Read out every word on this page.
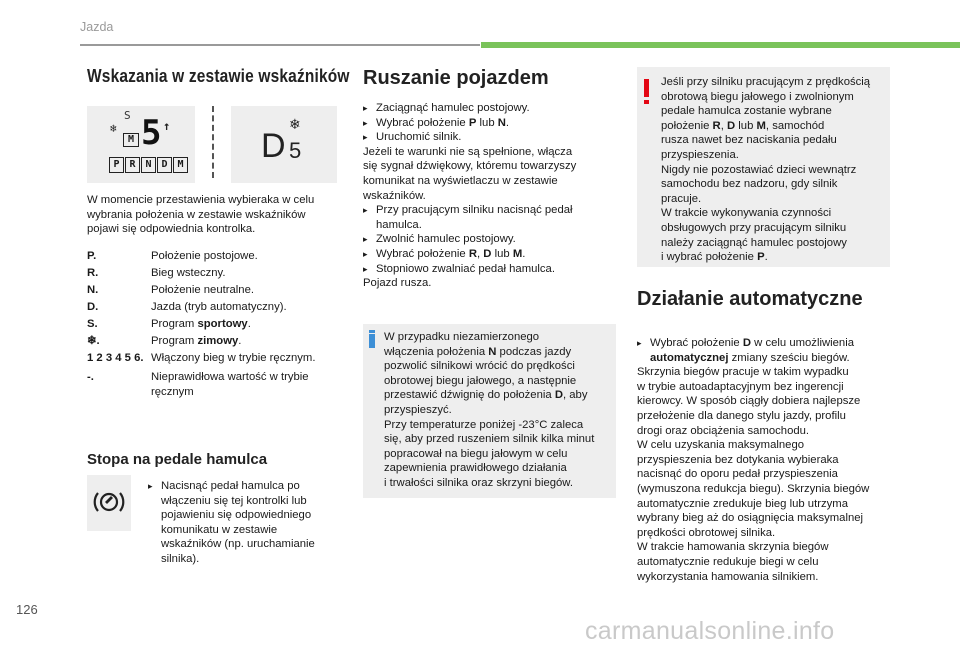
Jazda
Wskazania w zestawie wskaźników
S
❄
M 5 ↑
P R N D M D 5
❄
W momencie przestawienia wybieraka w celu
wybrania położenia w zestawie wskaźników
pojawi się odpowiednia kontrolka.
P.	Położenie postojowe.
R.	Bieg wsteczny.
N.	Położenie neutralne.
D.	Jazda (tryb automatyczny).
S.	Program sportowy.
❄.	Program zimowy.
1 2 3 4 5 6. Włączony bieg w trybie ręcznym.
-.	Nieprawidłowa wartość w trybie
ręcznym
Stopa na pedale hamulca
▸ Nacisnąć pedał hamulca po
włączeniu się tej kontrolki lub
pojawieniu się odpowiedniego
komunikatu w zestawie
wskaźników (np. uruchamianie
silnika).
Ruszanie pojazdem
▸ Zaciągnąć hamulec postojowy.
▸ Wybrać położenie P lub N.
▸ Uruchomić silnik.
Jeżeli te warunki nie są spełnione, włącza
się sygnał dźwiękowy, któremu towarzyszy
komunikat na wyświetlaczu w zestawie
wskaźników.
▸ Przy pracującym silniku nacisnąć pedał
hamulca.
▸ Zwolnić hamulec postojowy.
▸ Wybrać położenie R, D lub M.
▸ Stopniowo zwalniać pedał hamulca.
Pojazd rusza.
W przypadku niezamierzonego
włączenia położenia N podczas jazdy
pozwolić silnikowi wrócić do prędkości
obrotowej biegu jałowego, a następnie
przestawić dźwignię do położenia D, aby
przyspieszyć.
Przy temperaturze poniżej -23°C zaleca
się, aby przed ruszeniem silnik kilka minut
popracował na biegu jałowym w celu
zapewnienia prawidłowego działania
i trwałości silnika oraz skrzyni biegów.
Jeśli przy silniku pracującym z prędkością
obrotową biegu jałowego i zwolnionym
pedale hamulca zostanie wybrane
położenie R, D lub M, samochód
rusza nawet bez naciskania pedału
przyspieszenia.
Nigdy nie pozostawiać dzieci wewnątrz
samochodu bez nadzoru, gdy silnik
pracuje.
W trakcie wykonywania czynności
obsługowych przy pracującym silniku
należy zaciągnąć hamulec postojowy
i wybrać położenie P.
Działanie automatyczne
▸ Wybrać położenie D w celu umożliwienia
automatycznej zmiany sześciu biegów.
Skrzynia biegów pracuje w takim wypadku
w trybie autoadaptacyjnym bez ingerencji
kierowcy. W sposób ciągły dobiera najlepsze
przełożenie dla danego stylu jazdy, profilu
drogi oraz obciążenia samochodu.
W celu uzyskania maksymalnego
przyspieszenia bez dotykania wybieraka
nacisnąć do oporu pedał przyspieszenia
(wymuszona redukcja biegu). Skrzynia biegów
automatycznie zredukuje bieg lub utrzyma
wybrany bieg aż do osiągnięcia maksymalnej
prędkości obrotowej silnika.
W trakcie hamowania skrzynia biegów
automatycznie redukuje biegi w celu
wykorzystania hamowania silnikiem.
126
carmanualsonline.info
